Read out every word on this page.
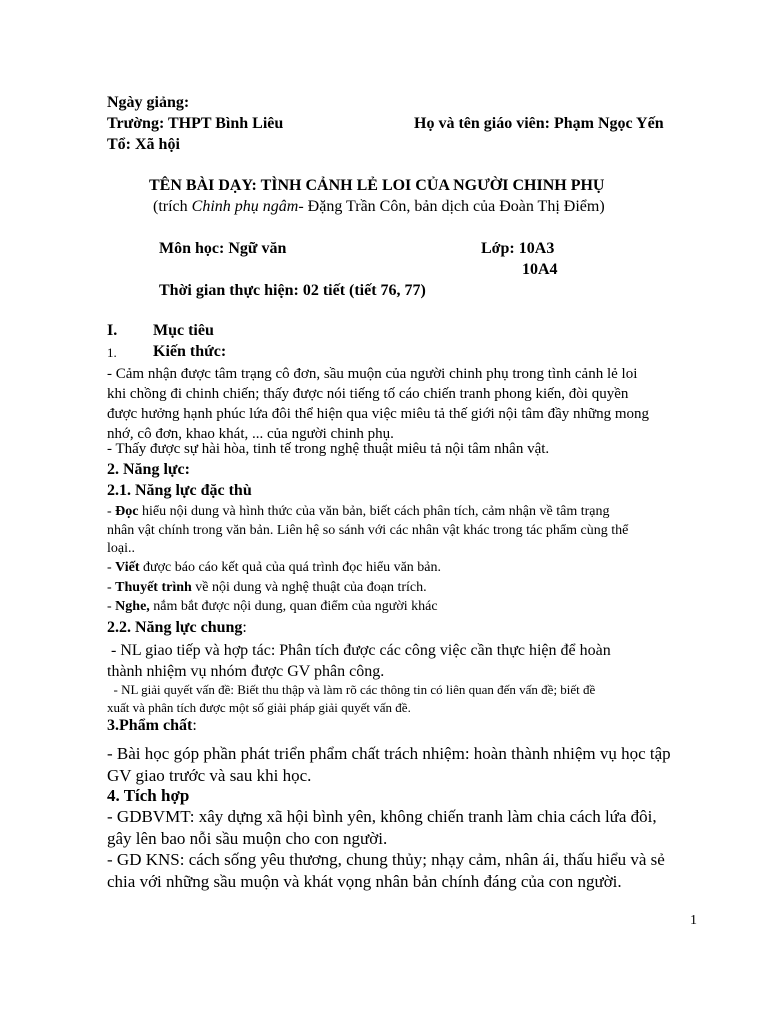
Ngày giảng:

Trường: THPT Bình Liêu	Họ và tên giáo viên: Phạm Ngọc Yến

Tổ: Xã hội

TÊN BÀI DẠY: TÌNH CẢNH LẺ LOI CỦA NGƯỜI CHINH PHỤ

(trích Chinh phụ ngâm- Đặng Trần Côn, bản dịch của Đoàn Thị Điểm)

Môn học: Ngữ văn	Lớp: 10A3

10A4

Thời gian thực hiện: 02 tiết (tiết 76, 77)

I. Mục tiêu

1. Kiến thức:

- Cảm nhận được tâm trạng cô đơn, sầu muộn của người chinh phụ trong tình cảnh lẻ loi
khi chồng đi chinh chiến; thấy được nói tiếng tố cáo chiến tranh phong kiến, đòi quyền
được hưởng hạnh phúc lứa đôi thể hiện qua việc miêu tả thế giới nội tâm đầy những mong
nhớ, cô đơn, khao khát, ... của người chinh phụ.

- Thấy được sự hài hòa, tinh tế trong nghệ thuật miêu tả nội tâm nhân vật.

2. Năng lực:

2.1. Năng lực đặc thù

- Đọc hiểu nội dung và hình thức của văn bản, biết cách phân tích, cảm nhận về tâm trạng
nhân vật chính trong văn bản. Liên hệ so sánh với các nhân vật khác trong tác phẩm cùng thể
loại..

- Viết được báo cáo kết quả của quá trình đọc hiểu văn bản.

- Thuyết trình về nội dung và nghệ thuật của đoạn trích.

- Nghe, nắm bắt được nội dung, quan điểm của người khác

2.2. Năng lực chung:

- NL giao tiếp và hợp tác: Phân tích được các công việc cần thực hiện để hoàn
thành nhiệm vụ nhóm được GV phân công.
- NL giải quyết vấn đề: Biết thu thập và làm rõ các thông tin có liên quan đến vấn đề; biết đề
xuất và phân tích được một số giải pháp giải quyết vấn đề.

3.Phẩm chất:

- Bài học góp phần phát triển phẩm chất trách nhiệm: hoàn thành nhiệm vụ học tập
GV giao trước và sau khi học.

4. Tích hợp

- GDBVMT: xây dựng xã hội bình yên, không chiến tranh làm chia cách lứa đôi,
gây lên bao nỗi sầu muộn cho con người.
- GD KNS: cách sống yêu thương, chung thủy; nhạy cảm, nhân ái, thấu hiểu và sẻ
chia với những sầu muộn và khát vọng nhân bản chính đáng của con người.

1
